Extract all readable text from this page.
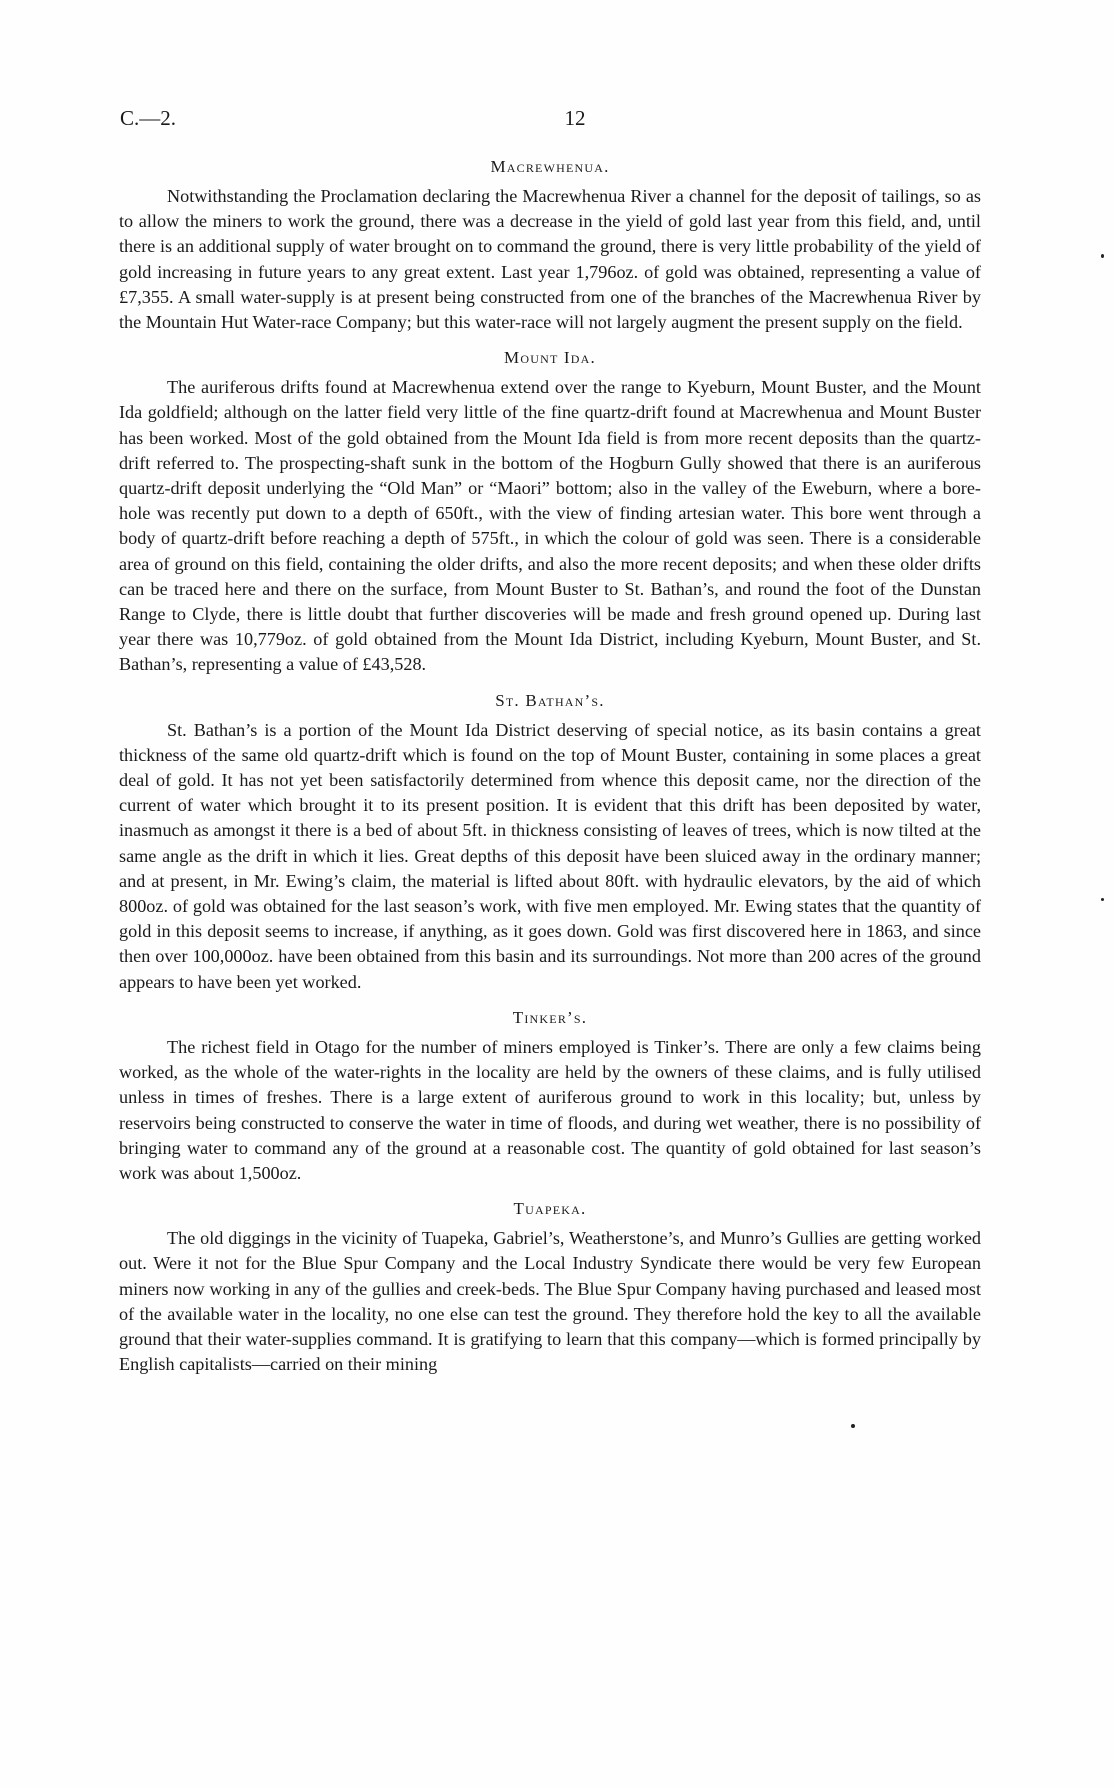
C.—2.	12
Macrewhenua.

Notwithstanding the Proclamation declaring the Macrewhenua River a channel for the deposit of tailings, so as to allow the miners to work the ground, there was a decrease in the yield of gold last year from this field, and, until there is an additional supply of water brought on to command the ground, there is very little probability of the yield of gold increasing in future years to any great extent. Last year 1,796oz. of gold was obtained, representing a value of £7,355. A small water-supply is at present being constructed from one of the branches of the Macrewhenua River by the Mountain Hut Water-race Company; but this water-race will not largely augment the present supply on the field.

Mount Ida.

The auriferous drifts found at Macrewhenua extend over the range to Kyeburn, Mount Buster, and the Mount Ida goldfield; although on the latter field very little of the fine quartz-drift found at Macrewhenua and Mount Buster has been worked. Most of the gold obtained from the Mount Ida field is from more recent deposits than the quartz-drift referred to. The prospecting-shaft sunk in the bottom of the Hogburn Gully showed that there is an auriferous quartz-drift deposit underlying the “Old Man” or “Maori” bottom; also in the valley of the Eweburn, where a bore-hole was recently put down to a depth of 650ft., with the view of finding artesian water. This bore went through a body of quartz-drift before reaching a depth of 575ft., in which the colour of gold was seen. There is a considerable area of ground on this field, containing the older drifts, and also the more recent deposits; and when these older drifts can be traced here and there on the surface, from Mount Buster to St. Bathan’s, and round the foot of the Dunstan Range to Clyde, there is little doubt that further discoveries will be made and fresh ground opened up. During last year there was 10,779oz. of gold obtained from the Mount Ida District, including Kyeburn, Mount Buster, and St. Bathan’s, representing a value of £43,528.

St. Bathan’s.

St. Bathan’s is a portion of the Mount Ida District deserving of special notice, as its basin contains a great thickness of the same old quartz-drift which is found on the top of Mount Buster, containing in some places a great deal of gold. It has not yet been satisfactorily determined from whence this deposit came, nor the direction of the current of water which brought it to its present position. It is evident that this drift has been deposited by water, inasmuch as amongst it there is a bed of about 5ft. in thickness consisting of leaves of trees, which is now tilted at the same angle as the drift in which it lies. Great depths of this deposit have been sluiced away in the ordinary manner; and at present, in Mr. Ewing’s claim, the material is lifted about 80ft. with hydraulic elevators, by the aid of which 800oz. of gold was obtained for the last season’s work, with five men employed. Mr. Ewing states that the quantity of gold in this deposit seems to increase, if anything, as it goes down. Gold was first discovered here in 1863, and since then over 100,000oz. have been obtained from this basin and its surroundings. Not more than 200 acres of the ground appears to have been yet worked.

Tinker’s.

The richest field in Otago for the number of miners employed is Tinker’s. There are only a few claims being worked, as the whole of the water-rights in the locality are held by the owners of these claims, and is fully utilised unless in times of freshes. There is a large extent of auriferous ground to work in this locality; but, unless by reservoirs being constructed to conserve the water in time of floods, and during wet weather, there is no possibility of bringing water to command any of the ground at a reasonable cost. The quantity of gold obtained for last season’s work was about 1,500oz.

Tuapeka.

The old diggings in the vicinity of Tuapeka, Gabriel’s, Weatherstone’s, and Munro’s Gullies are getting worked out. Were it not for the Blue Spur Company and the Local Industry Syndicate there would be very few European miners now working in any of the gullies and creek-beds. The Blue Spur Company having purchased and leased most of the available water in the locality, no one else can test the ground. They therefore hold the key to all the available ground that their water-supplies command. It is gratifying to learn that this company—which is formed principally by English capitalists—carried on their mining
